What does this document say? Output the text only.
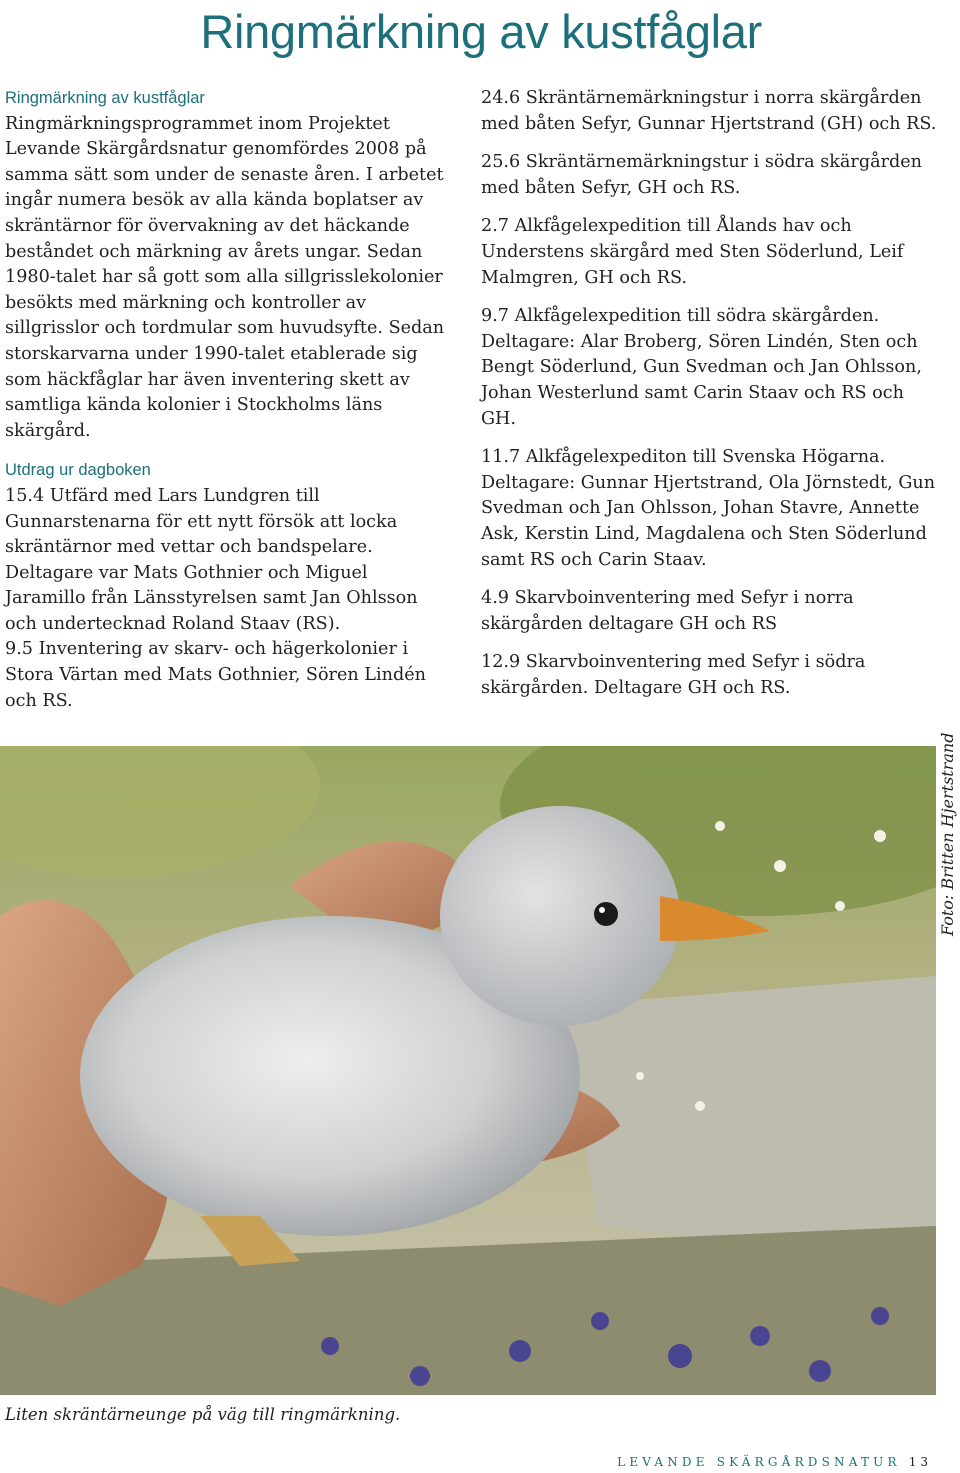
Ringmärkning av kustfåglar
Ringmärkning av kustfåglar

Ringmärkningsprogrammet inom Projektet Levande Skärgårdsnatur genomfördes 2008 på samma sätt som under de senaste åren. I arbetet ingår numera besök av alla kända boplatser av skräntärnor för övervakning av det häckande beståndet och märkning av årets ungar. Sedan 1980-talet har så gott som alla sillgrisslekolonier besökts med märkning och kontroller av sillgrisslor och tordmular som huvudsyfte. Sedan storskarvarna under 1990-talet etablerade sig som häckfåglar har även inventering skett av samtliga kända kolonier i Stockholms läns skärgård.

Utdrag ur dagboken

15.4 Utfärd med Lars Lundgren till Gunnarstenarna för ett nytt försök att locka skräntärnor med vettar och bandspelare. Deltagare var Mats Gothnier och Miguel Jaramillo från Länsstyrelsen samt Jan Ohlsson och undertecknad Roland Staav (RS).

9.5 Inventering av skarv- och hägerkolonier i Stora Värtan med Mats Gothnier, Sören Lindén och RS.

24.6 Skräntärnemärkningstur i norra skärgården med båten Sefyr, Gunnar Hjertstrand (GH) och RS.

25.6 Skräntärnemärkningstur i södra skärgården med båten Sefyr, GH och RS.

2.7 Alkfågelexpedition till Ålands hav och Understens skärgård med Sten Söderlund, Leif Malmgren, GH och RS.

9.7 Alkfågelexpedition till södra skärgården. Deltagare: Alar Broberg, Sören Lindén, Sten och Bengt Söderlund, Gun Svedman och Jan Ohlsson, Johan Westerlund samt Carin Staav och RS och GH.

11.7 Alkfågelexpediton till Svenska Högarna. Deltagare: Gunnar Hjertstrand, Ola Jörnstedt, Gun Svedman och Jan Ohlsson, Johan Stavre, Annette Ask, Kerstin Lind, Magdalena och Sten Söderlund samt RS och Carin Staav.

4.9 Skarvboinventering med Sefyr i norra skärgården deltagare GH och RS

12.9 Skarvboinventering med Sefyr i södra skärgården. Deltagare GH och RS.

Foto: Britten Hjertstrand
Liten skräntärneunge på väg till ringmärkning.
LEVANDE SKÄRGÅRDSNATUR 13
